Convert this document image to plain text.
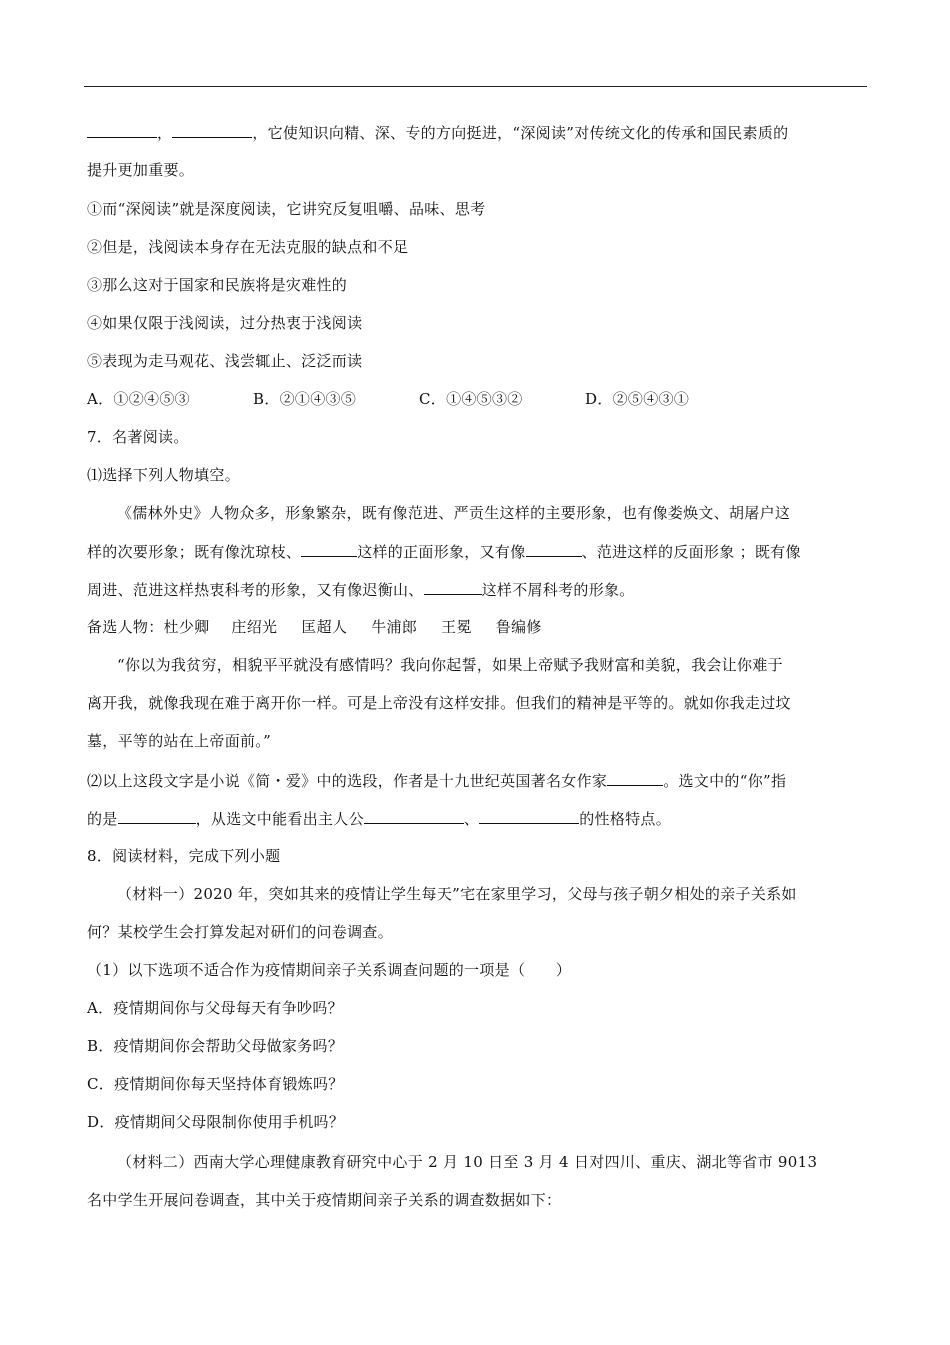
，	，它使知识向精、深、专的方向挺进，“深阅读”对传统文化的传承和国民素质的
提升更加重要。
①而“深阅读”就是深度阅读，它讲究反复咀嚼、品味、思考
②但是，浅阅读本身存在无法克服的缺点和不足
③那么这对于国家和民族将是灾难性的
④如果仅限于浅阅读，过分热衷于浅阅读
⑤表现为走马观花、浅尝辄止、泛泛而读
A．①②④⑤③	B．②①④③⑤	C．①④⑤③②	D．②⑤④③①
7．名著阅读。
⑴选择下列人物填空。
《儒林外史》人物众多，形象繁杂，既有像范进、严贡生这样的主要形象，也有像娄焕文、胡屠户这
样的次要形象；既有像沈琼枝、	这样的正面形象，又有像	、范进这样的反面形象 ；既有像
周进、范进这样热衷科考的形象，又有像迟衡山、	这样不屑科考的形象。
备选人物：杜少卿 庄绍光 匡超人 牛浦郎 王冕 鲁编修
“你以为我贫穷，相貌平平就没有感情吗？我向你起誓，如果上帝赋予我财富和美貌，我会让你难于
离开我，就像我现在难于离开你一样。可是上帝没有这样安排。但我们的精神是平等的。就如你我走过坟
墓，平等的站在上帝面前。”
⑵以上这段文字是小说《简・爱》中的选段，作者是十九世纪英国著名女作家	。选文中的“你”指
的是	，从选文中能看出主人公	、	的性格特点。
8．阅读材料，完成下列小题
（材料一）2020 年，突如其来的疫情让学生每天”宅在家里学习，父母与孩子朝夕相处的亲子关系如
何？某校学生会打算发起对研们的问卷调查。
（1）以下选项不适合作为疫情期间亲子关系调查问题的一项是（　　）
A．疫情期间你与父母每天有争吵吗？
B．疫情期间你会帮助父母做家务吗？
C．疫情期间你每天坚持体育锻炼吗？
D．疫情期间父母限制你使用手机吗？
（材料二）西南大学心理健康教育研究中心于 2 月 10 日至 3 月 4 日对四川、重庆、湖北等省市 9013
名中学生开展问卷调查，其中关于疫情期间亲子关系的调查数据如下：
